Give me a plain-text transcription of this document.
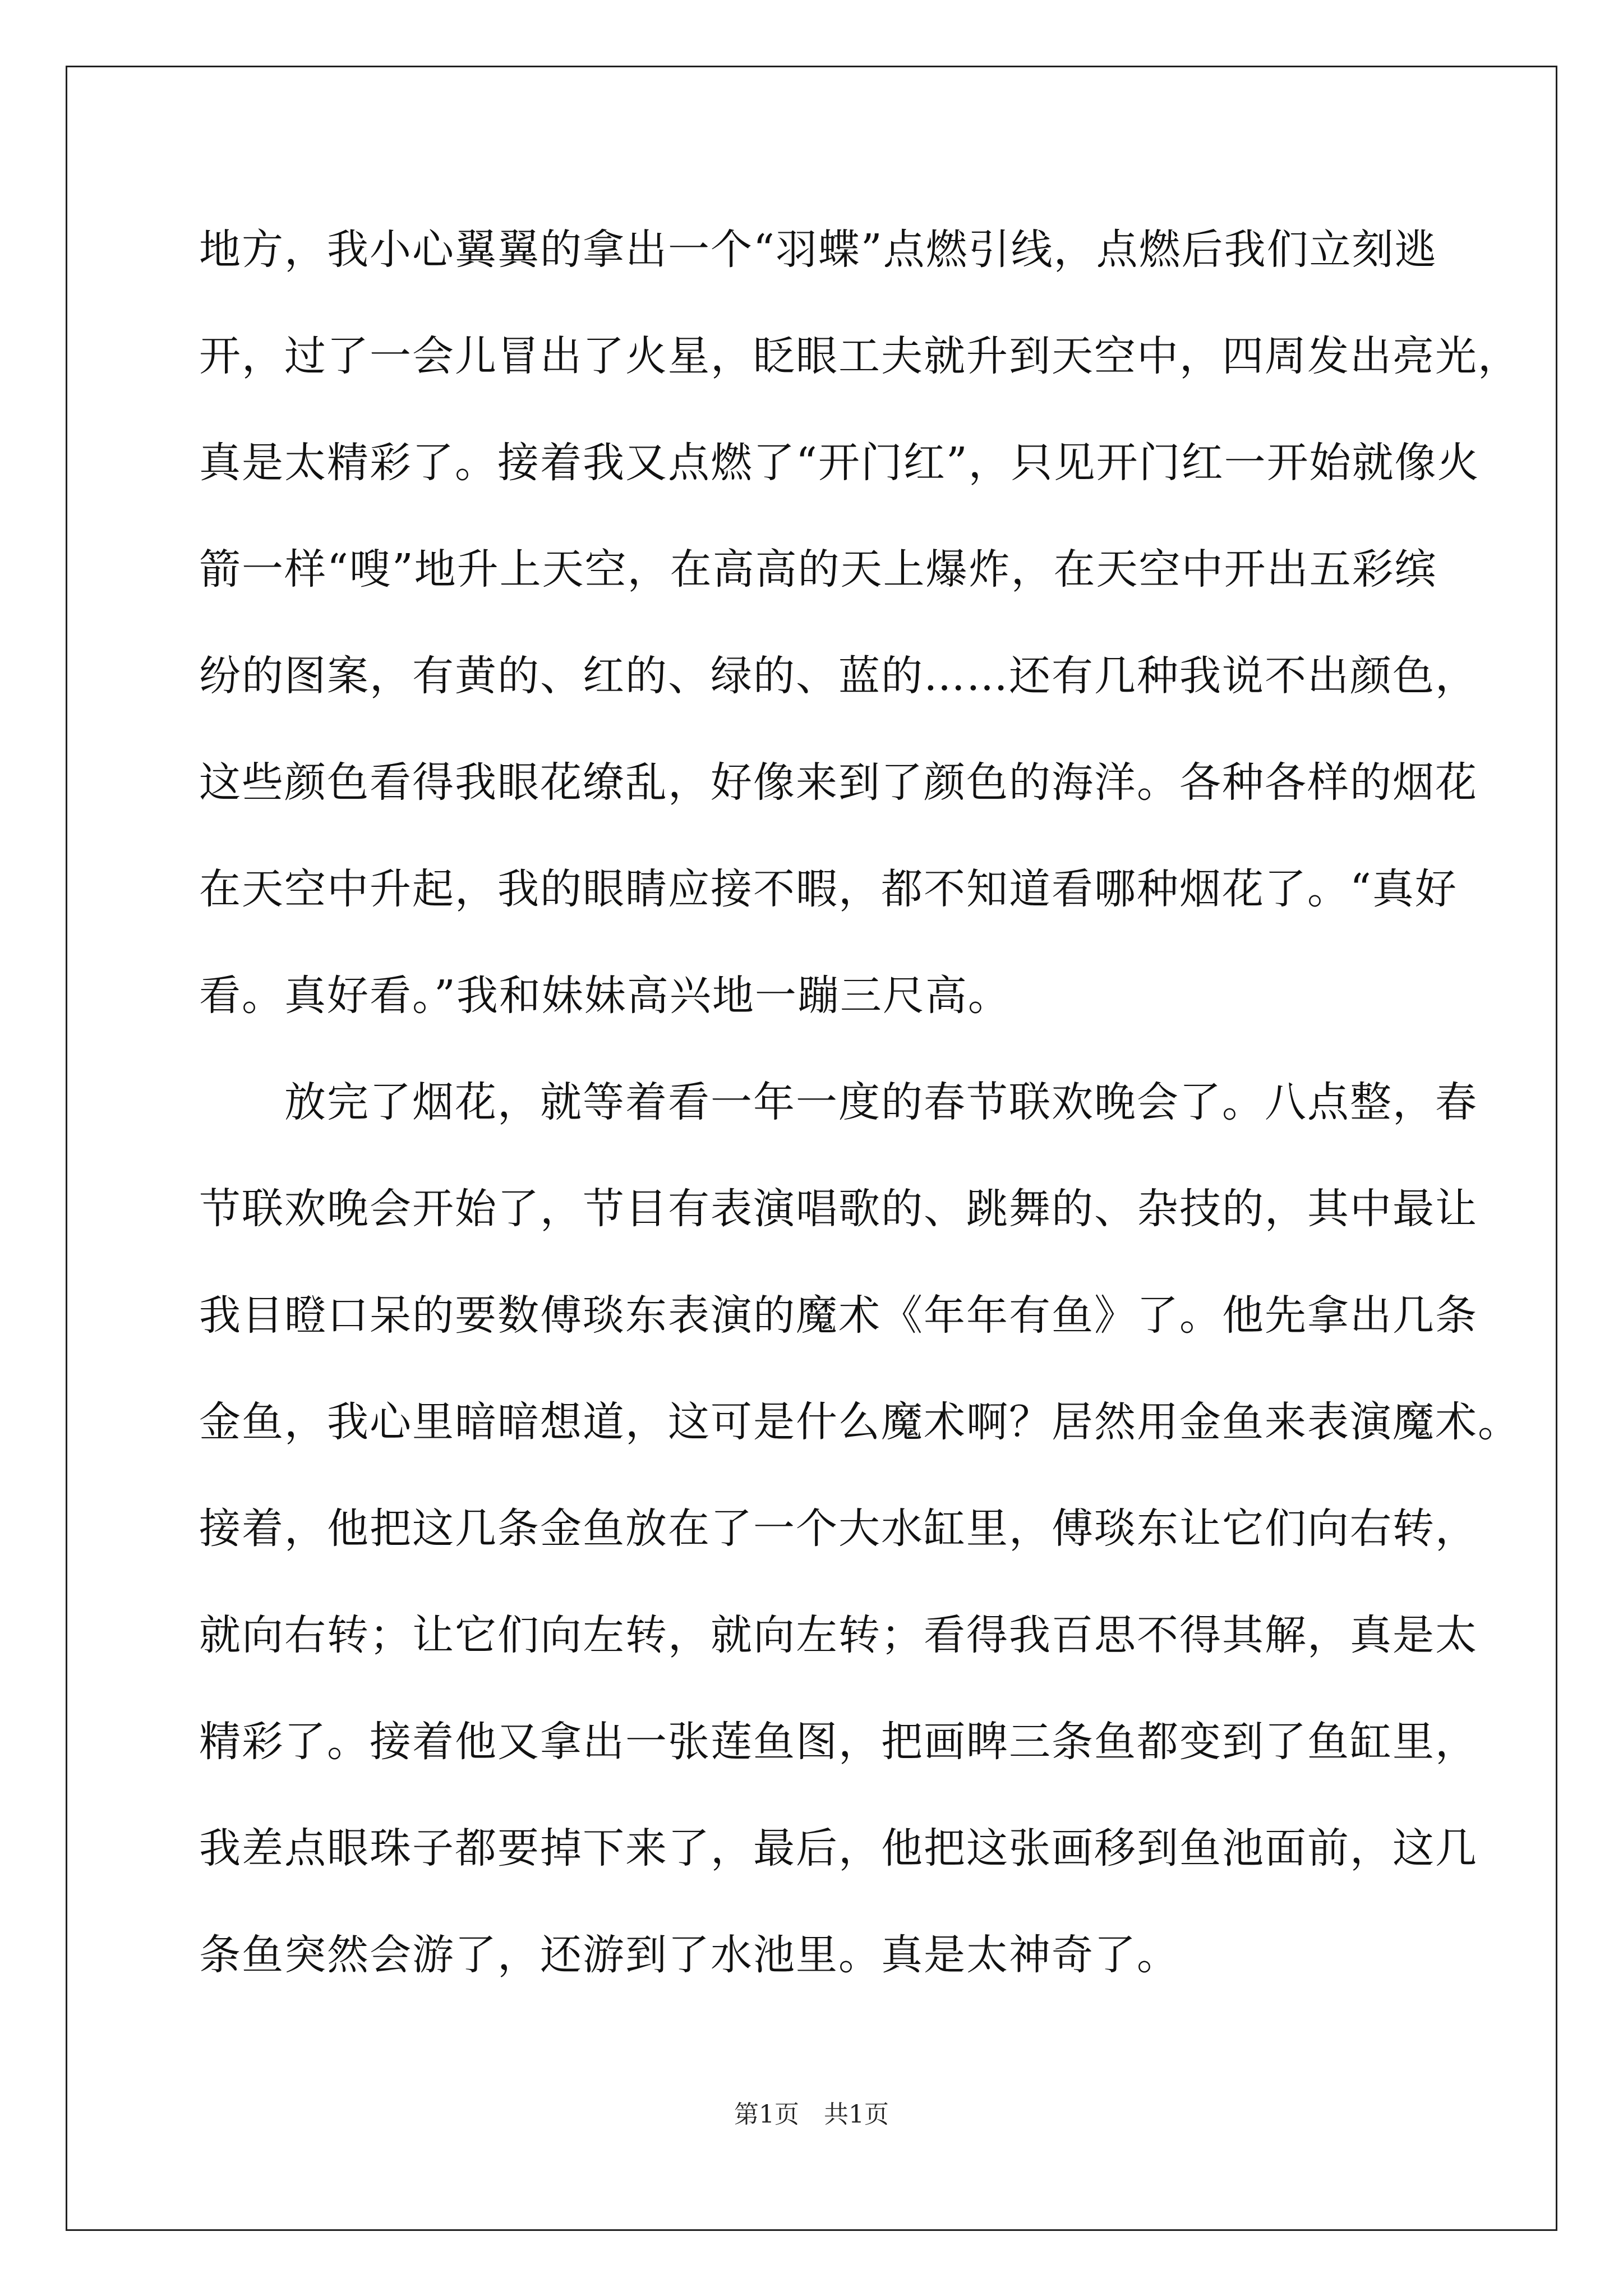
地方，我小心翼翼的拿出一个“羽蝶”点燃引线，点燃后我们立刻逃
开，过了一会儿冒出了火星，眨眼工夫就升到天空中，四周发出亮光，
真是太精彩了。接着我又点燃了“开门红”，只见开门红一开始就像火
箭一样“嗖”地升上天空，在高高的天上爆炸，在天空中开出五彩缤
纷的图案，有黄的、红的、绿的、蓝的……还有几种我说不出颜色，
这些颜色看得我眼花缭乱，好像来到了颜色的海洋。各种各样的烟花
在天空中升起，我的眼睛应接不暇，都不知道看哪种烟花了。“真好
看。真好看。”我和妹妹高兴地一蹦三尺高。
　　放完了烟花，就等着看一年一度的春节联欢晚会了。八点整，春
节联欢晚会开始了，节目有表演唱歌的、跳舞的、杂技的，其中最让
我目瞪口呆的要数傅琰东表演的魔术《年年有鱼》了。他先拿出几条
金鱼，我心里暗暗想道，这可是什么魔术啊？居然用金鱼来表演魔术。
接着，他把这几条金鱼放在了一个大水缸里，傅琰东让它们向右转，
就向右转；让它们向左转，就向左转；看得我百思不得其解，真是太
精彩了。接着他又拿出一张莲鱼图，把画睥三条鱼都变到了鱼缸里，
我差点眼珠子都要掉下来了，最后，他把这张画移到鱼池面前，这几
条鱼突然会游了，还游到了水池里。真是太神奇了。
第1页　共1页
